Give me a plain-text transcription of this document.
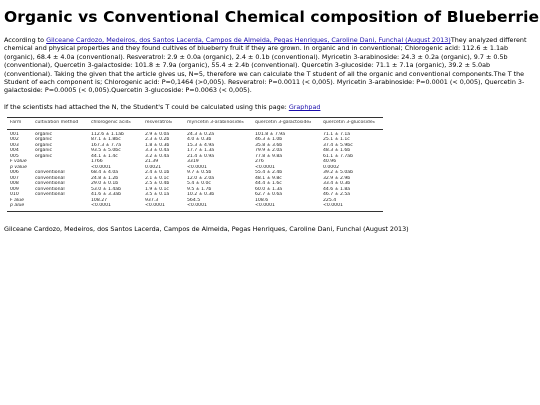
Organic vs Conventional Chemical composition of Blueberrie

According to Gilceane Cardozo, Medeiros, dos Santos Lacerda, Campos de Almeida, Pegas Henriques, Caroline Dani, Funchal (August 2013)They analyzed different chemical and physical properties and they found cultives of blueberry fruit if they are grown. In organic and in conventional; Chlorogenic acid: 112.6 ± 1.1ab (organic), 68.4 ± 4.0a (conventional). Resveratrol: 2.9 ± 0.0a (organic), 2.4 ± 0.1b (conventional). Myricetin 3-arabinoside: 24.3 ± 0.2a (organic), 9.7 ± 0.5b (conventional), Quercetin 3-galactoside: 101.8 ± 7.9a (organic), 55.4 ± 2.4b (conventional). Quercetin 3-glucoside: 71.1 ± 7.1a (organic), 39.2 ± 5.0ab (conventional). Taking the given that the article gives us, N=5, therefore we can calculate the T student of all the organic and conventional components.The T the Student of each component is; Chlorogenic acid: P=0,1464 (>0,005). Resveratrol: P=0.0011 (< 0,005). Myricetin 3-arabinoside: P=0.0001 (< 0,005), Quercetin 3-galactoside: P=0.0005 (< 0,005).Quercetin 3-glucoside: P=0.0063 (< 0,005).

If the scientists had attached the N, the Student's T could be calculated using this page: Graphpad

Farm	cultivation method	chlorogenic acid$^a$	resveratrol$^a$	myricetin 3-arabinoside$^a$	quercetin 3-galactoside$^a$	quercetin 3-glucoside$^a$
001	organic	112.6 ± 1.1ab	2.9 ± 0.0a	24.3 ± 0.2a	101.8 ± 7.9a	71.1 ± 7.1a
002	organic	87.1 ± 1.8bc	2.3 ± 0.2b	4.0 ± 0.3b	46.3 ± 1.0b	25.1 ± 1.1c
003	organic	167.3 ± 7.7a	1.8 ± 0.3b	15.3 ± 4.9a	35.8 ± 3.6b	37.4 ± 5.9bc
004	organic	93.5 ± 5.0bc	3.3 ± 0.4a	17.7 ± 1.3a	79.9 ± 2.0a	48.3 ± 1.6b
005	organic	44.1 ± 1.4c	3.2 ± 0.4a	21.4 ± 0.9a	77.8 ± 9.8a	61.1 ± 7.7ab
F value		1766	21.39	3319	276	40.96
p value		<0.0001	0.0021	<0.0001	<0.0001	0.0002
006	conventional	68.4 ± 4.0a	2.4 ± 0.1b	9.7 ± 0.5b	55.4 ± 2.4b	39.2 ± 5.0ab
007	conventional	24.8 ± 1.2b	2.1 ± 0.1c	12.0 ± 2.0a	48.1 ± 9.8c	32.9 ± 2.9b
008	conventional	29.0 ± 0.1b	2.5 ± 0.4b	5.4 ± 0.0c	44.4 ± 1.6c	33.4 ± 0.3b
009	conventional	53.0 ± 1.4ab	1.9 ± 0.1c	9.5 ± 1.7b	60.0 ± 1.3a	44.6 ± 1.8a
010	conventional	41.6 ± 3.3ab	3.5 ± 0.1a	10.2 ± 0.3b	62.7 ± 0.6a	46.7 ± 2.5a
F alue		108.27	937.3	564.5	108.6	225.4
p alue		<0.0001	<0.0001	<0.0001	<0.0001	<0.0001

Gilceane Cardozo, Medeiros, dos Santos Lacerda, Campos de Almeida, Pegas Henriques, Caroline Dani, Funchal (August 2013)
